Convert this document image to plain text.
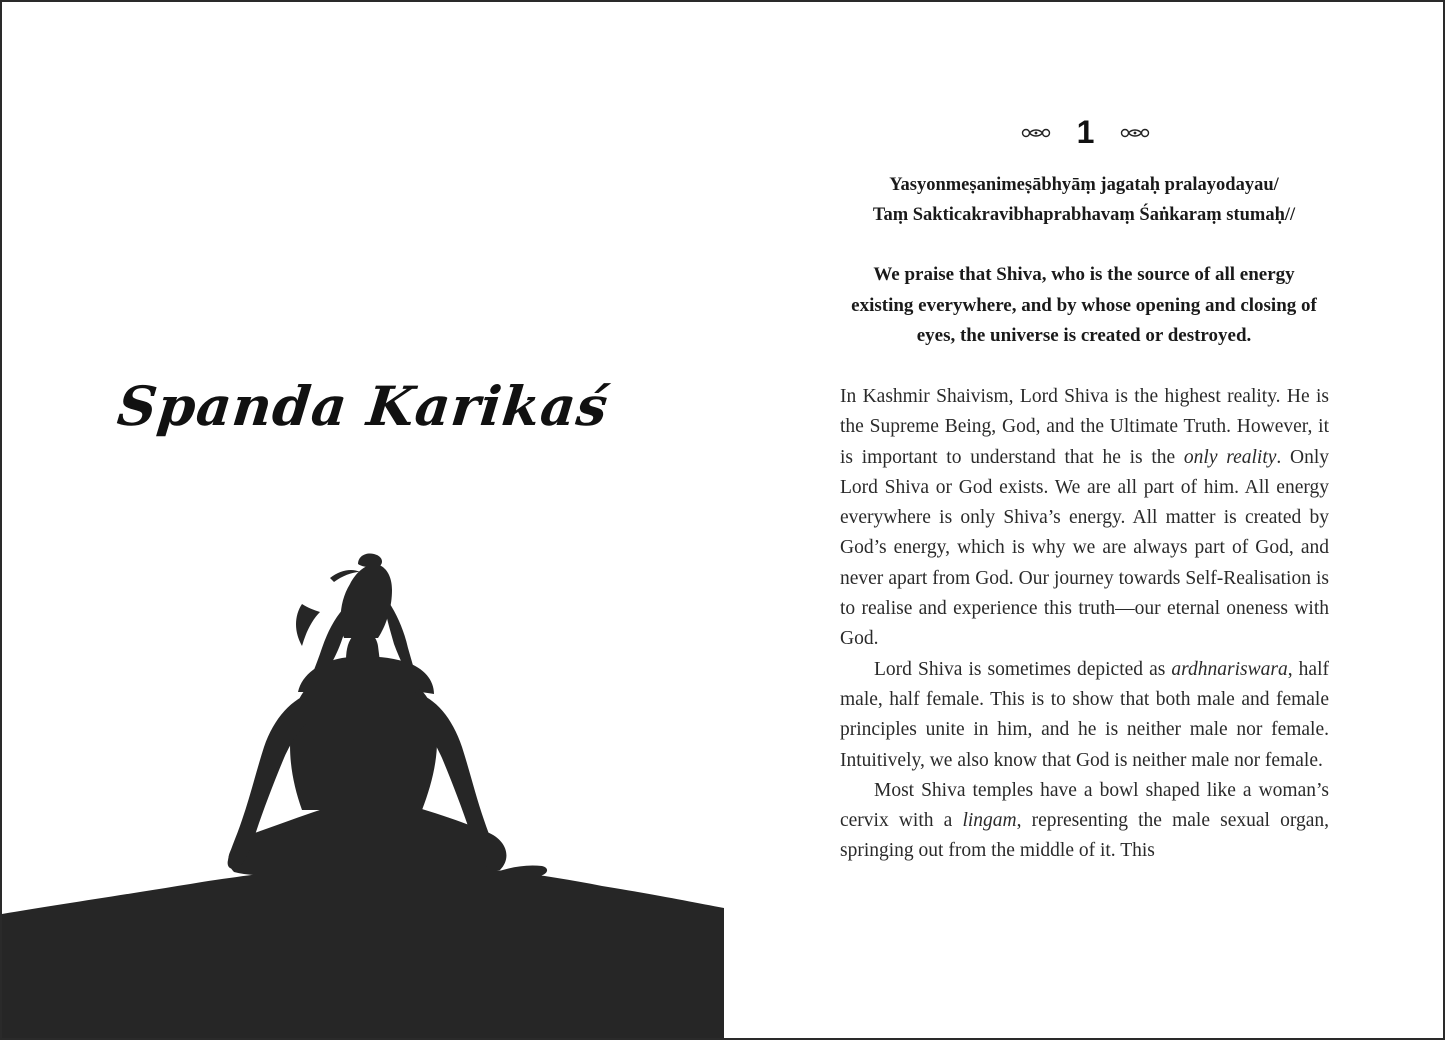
Spanda Karikaś
1
Yasyonmeṣanimeṣābhyāṃ jagataḥ pralayodayau/
Taṃ Sakticakravibhaprabhavaṃ Śaṅkaraṃ stumaḥ//
We praise that Shiva, who is the source of all energy
existing everywhere, and by whose opening and closing of
eyes, the universe is created or destroyed.

In Kashmir Shaivism, Lord Shiva is the highest reality. He is the Supreme Being, God, and the Ultimate Truth. However, it is important to understand that he is the only reality. Only Lord Shiva or God exists. We are all part of him. All energy everywhere is only Shiva’s energy. All matter is created by God’s energy, which is why we are always part of God, and never apart from God. Our journey towards Self-Realisation is to realise and experience this truth—our eternal oneness with God.

Lord Shiva is sometimes depicted as ardhnariswara, half male, half female. This is to show that both male and female principles unite in him, and he is neither male nor female. Intuitively, we also know that God is neither male nor female.

Most Shiva temples have a bowl shaped like a woman’s cervix with a lingam, representing the male sexual organ, springing out from the middle of it. This
